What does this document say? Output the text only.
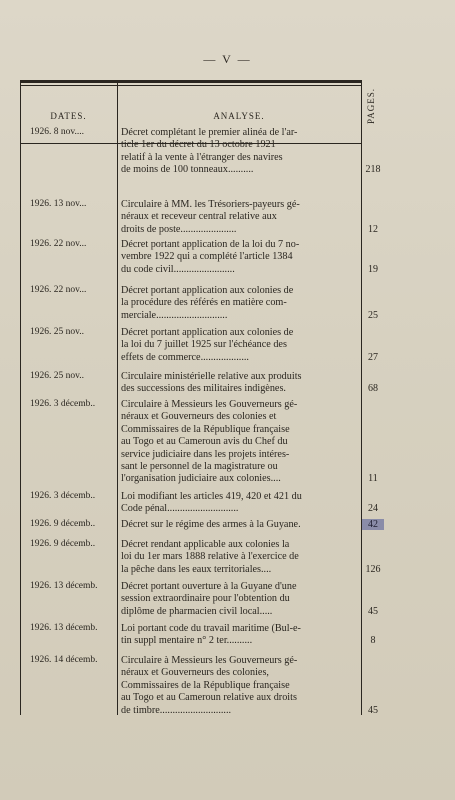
— V —
DATES.	ANALYSE.	PAGES.
1926. 8 nov....	Décret complétant le premier alinéa de l'ar-
ticle 1er du décret du 13 octobre 1921
relatif à la vente à l'étranger des navires
de moins de 100 tonneaux..........	218
1926. 13 nov...	Circulaire à MM. les Trésoriers-payeurs gé-
néraux et receveur central relative aux
droits de poste......................	12
1926. 22 nov...	Décret portant application de la loi du 7 no-
vembre 1922 qui a complété l'article 1384
du code civil........................	19
1926. 22 nov...	Décret portant application aux colonies de
la procédure des référés en matière com-
merciale............................	25
1926. 25 nov..	Décret portant application aux colonies de
la loi du 7 juillet 1925 sur l'échéance des
effets de commerce...................	27
1926. 25 nov..	Circulaire ministérielle relative aux produits
des successions des militaires indigènes.	68
1926. 3 décemb..	Circulaire à Messieurs les Gouverneurs gé-
néraux et Gouverneurs des colonies et
Commissaires de la République française
au Togo et au Cameroun avis du Chef du
service judiciaire dans les projets intéres-
sant le personnel de la magistrature ou
l'organisation judiciaire aux colonies....	11
1926. 3 décemb..	Loi modifiant les articles 419, 420 et 421 du
Code pénal............................	24
1926. 9 décemb..	Décret sur le régime des armes à la Guyane.	42
1926. 9 décemb..	Décret rendant applicable aux colonies la
loi du 1er mars 1888 relative à l'exercice de
la pêche dans les eaux territoriales....	126
1926. 13 décemb.	Décret portant ouverture à la Guyane d'une
session extraordinaire pour l'obtention du
diplôme de pharmacien civil local.....	45
1926. 13 décemb.	Loi portant code du travail maritime (Bul-e-
tin suppl mentaire n° 2 ter..........	8
1926. 14 décemb.	Circulaire à Messieurs les Gouverneurs gé-
néraux et Gouverneurs des colonies,
Commissaires de la République française
au Togo et au Cameroun relative aux droits
de timbre............................	45
